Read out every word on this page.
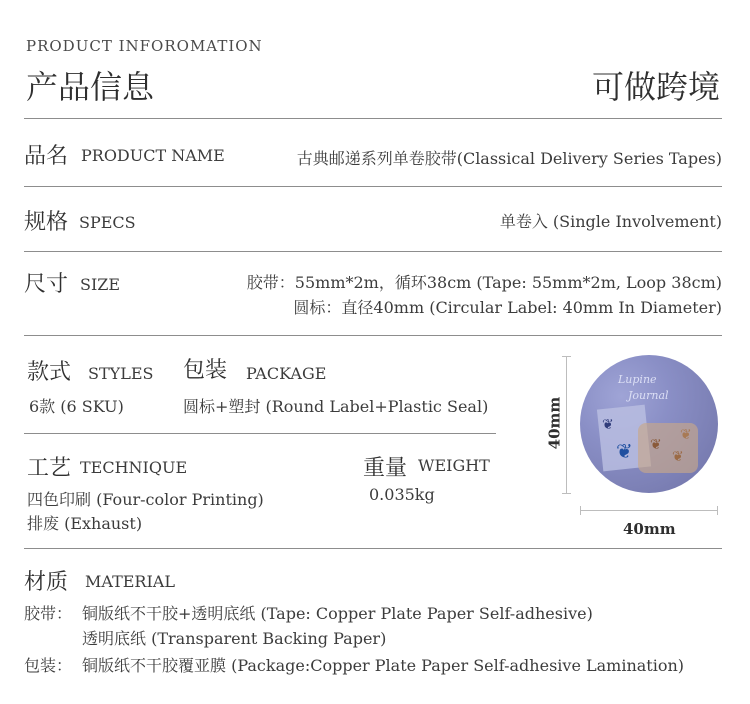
PRODUCT INFOROMATION
产品信息	可做跨境
品名 PRODUCT NAME	古典邮递系列单卷胶带(Classical Delivery Series Tapes)
规格 SPECS	单卷入 (Single Involvement)
尺寸 SIZE	胶带：55mm*2m，循环38cm (Tape: 55mm*2m, Loop 38cm)
圆标：直径40mm (Circular Label: 40mm In Diameter)
款式 STYLES
6款 (6 SKU)
包装 PACKAGE
圆标+塑封 (Round Label+Plastic Seal)
工艺 TECHNIQUE
四色印刷 (Four-color Printing)
排废 (Exhaust)
重量 WEIGHT
0.035kg
40mm
Lupine
Journal
❦
❦ ❦
❦
❦
40mm
材质 MATERIAL
胶带： 铜版纸不干胶+透明底纸 (Tape: Copper Plate Paper Self-adhesive)
透明底纸 (Transparent Backing Paper)
包装： 铜版纸不干胶覆亚膜 (Package:Copper Plate Paper Self-adhesive Lamination)
